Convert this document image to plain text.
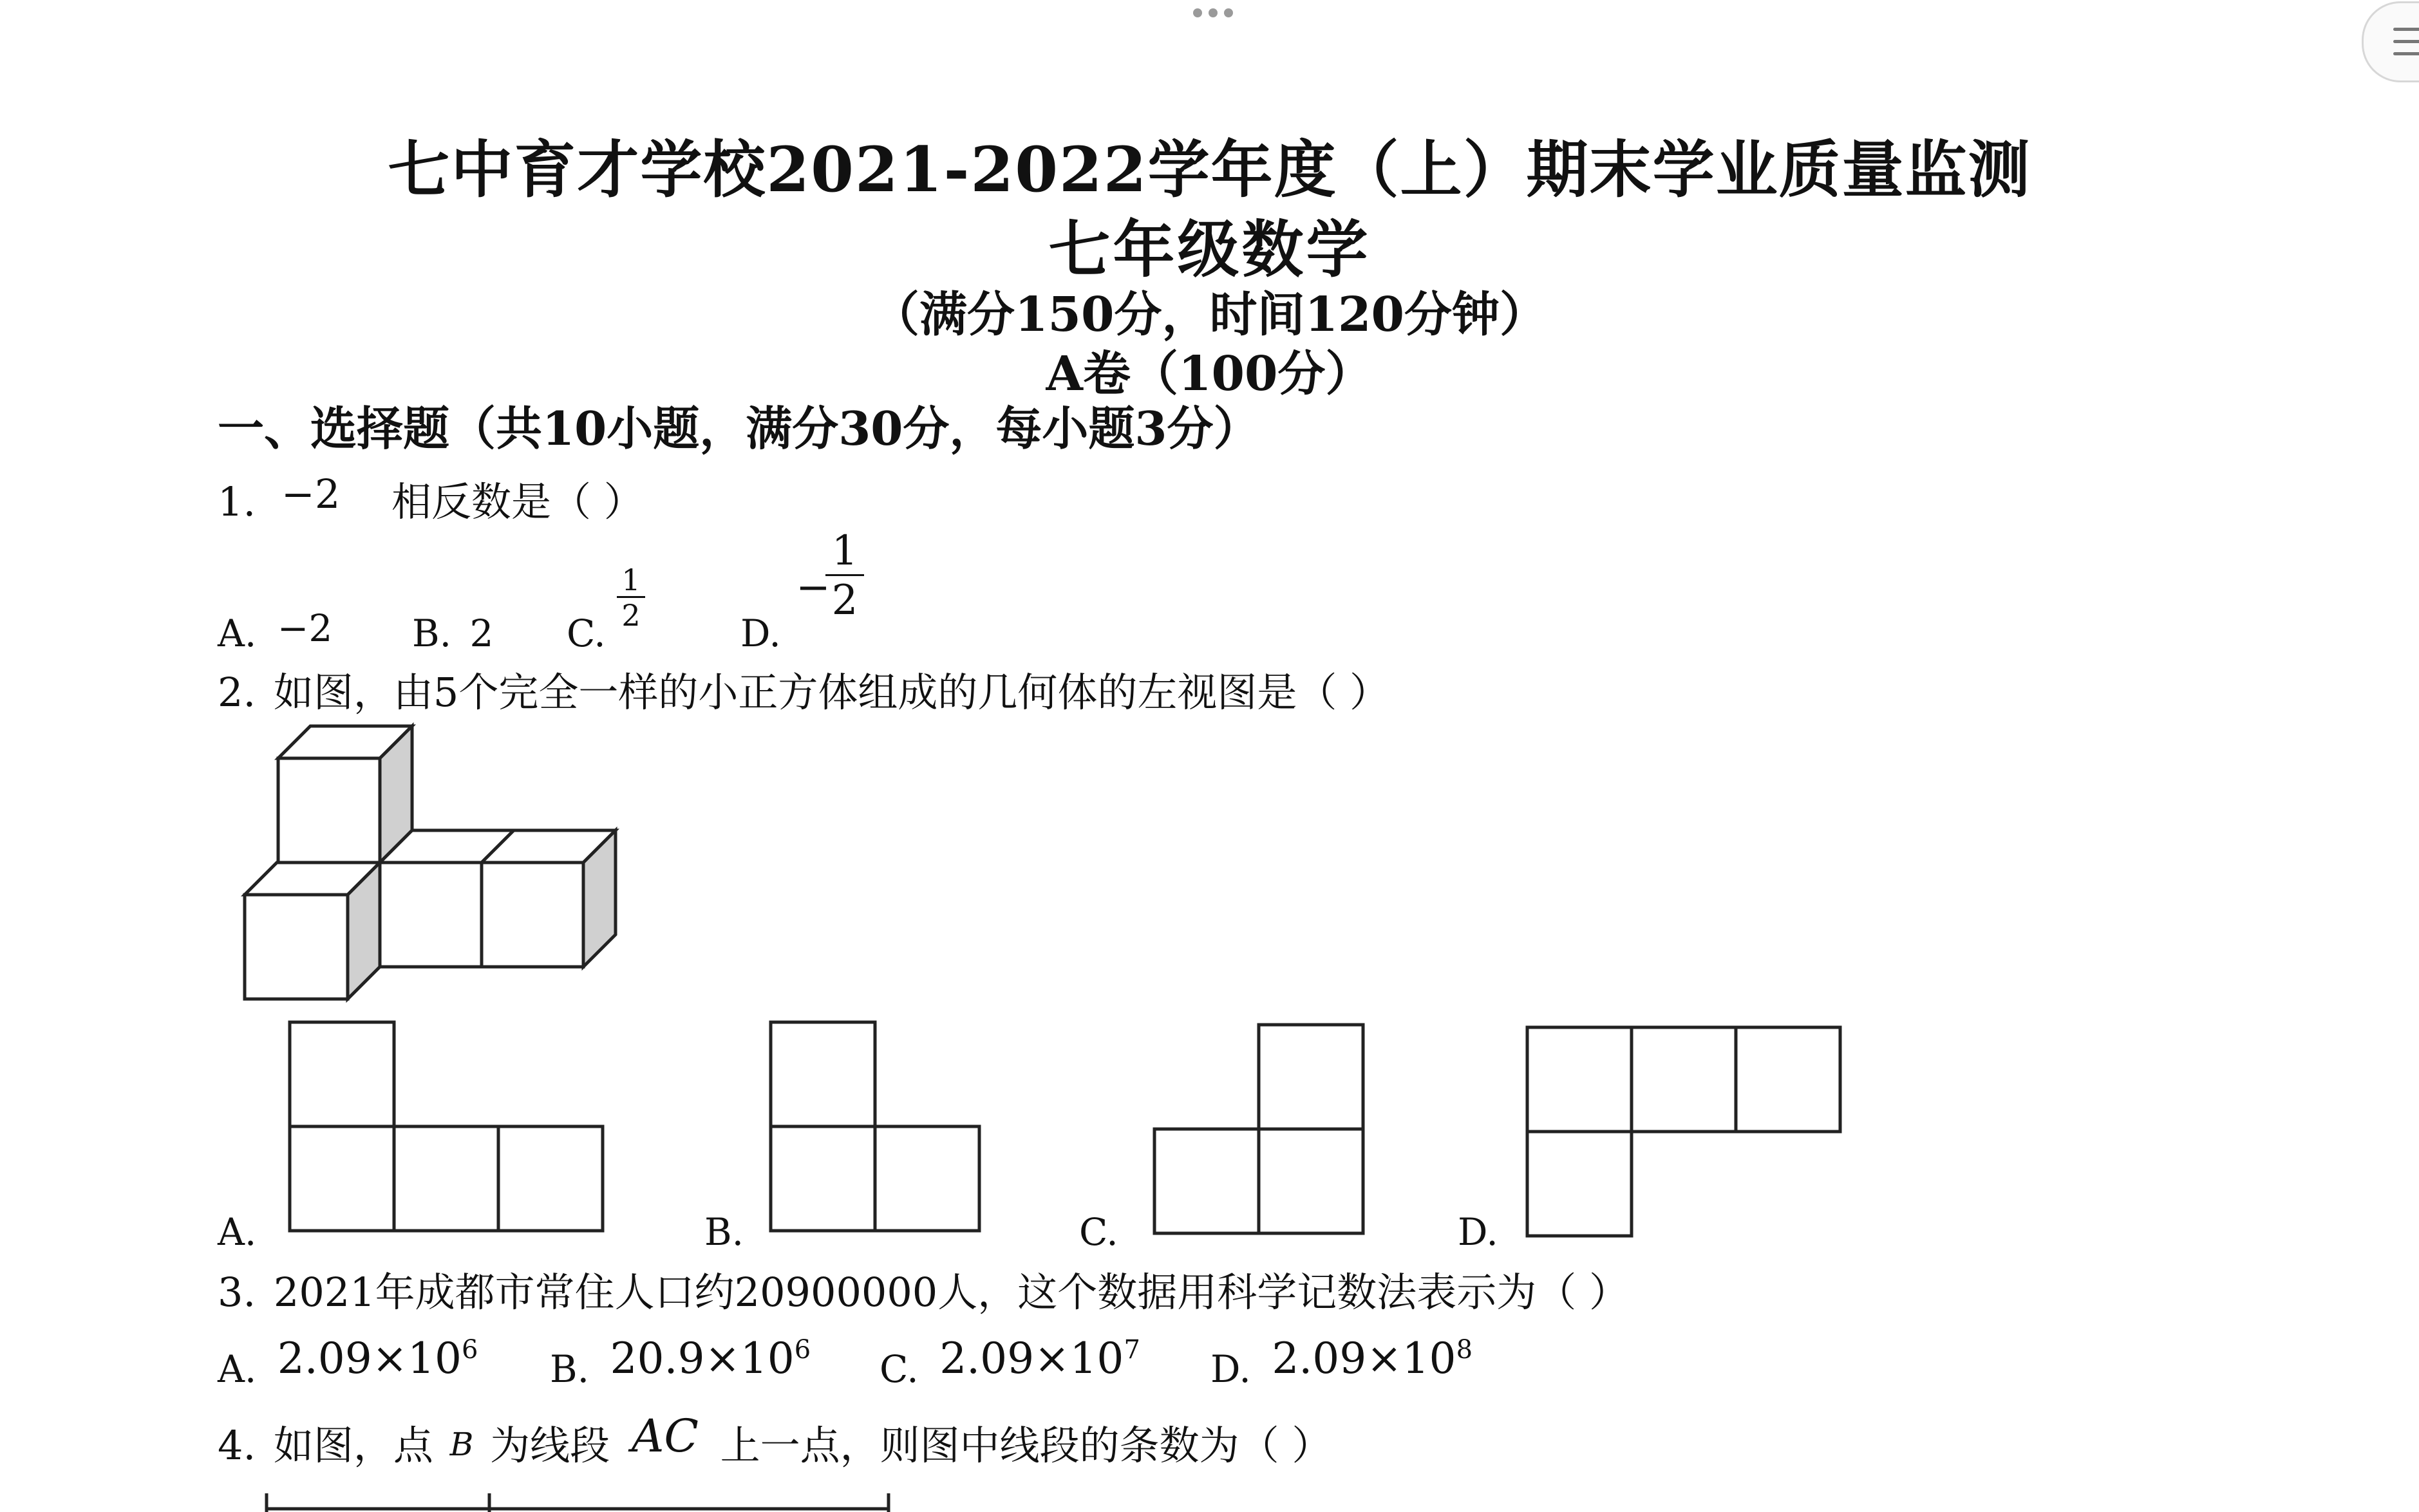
七中育才学校2021-2022学年度（上）期末学业质量监测
七年级数学
（满分150分，时间120分钟）
A卷（100分）
一、选择题（共10小题，满分30分，每小题3分）
1. −2 相反数是（ ）
A. −2 B. 2 C.
1
2	D.
−
1
2
2. 如图，由5个完全一样的小正方体组成的几何体的左视图是（ ）
A.	B.	C.	D.
3. 2021年成都市常住人口约20900000人，这个数据用科学记数法表示为（ ）
A. $2.09\times 10^6$ B. $20.9\times 10^6$ C. $2.09\times 10^7$ D. $2.09\times 10^8$
4. 如图，点 B 为线段 AC 上一点，则图中线段的条数为（ ）
